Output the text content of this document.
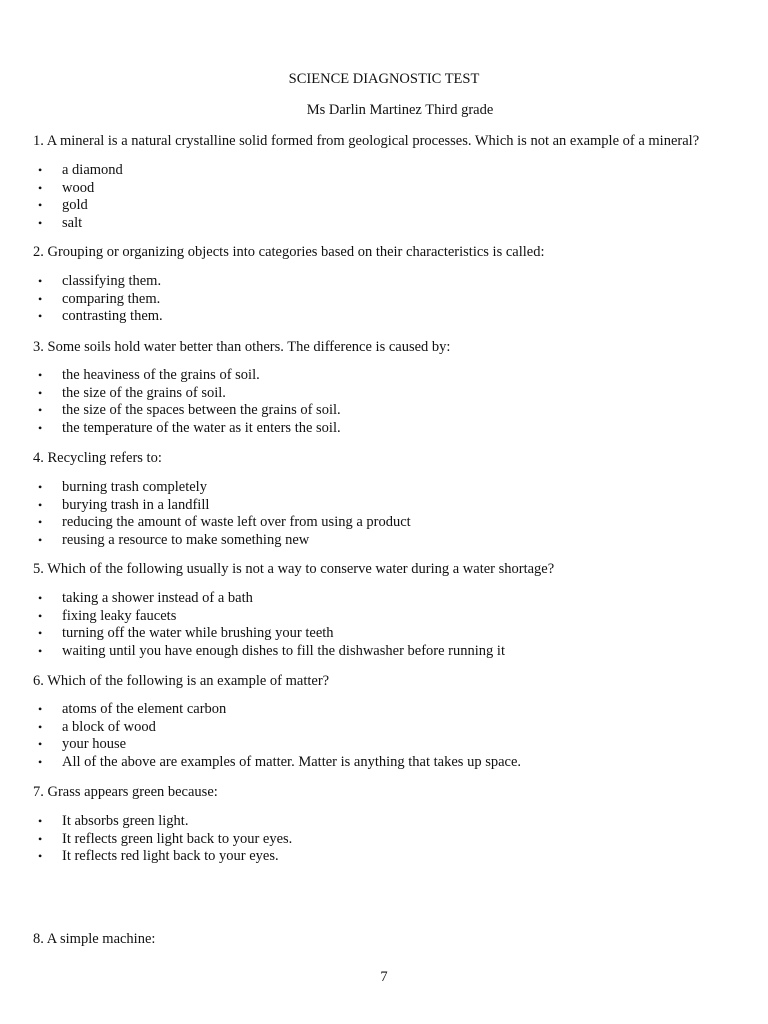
SCIENCE DIAGNOSTIC TEST
Ms Darlin Martinez Third grade
1. A mineral is a natural crystalline solid formed from geological processes. Which is not an example of a mineral?
• a diamond
• wood
• gold
• salt
2. Grouping or organizing objects into categories based on their characteristics is called:
• classifying them.
• comparing them.
• contrasting them.
3. Some soils hold water better than others. The difference is caused by:
• the heaviness of the grains of soil.
• the size of the grains of soil.
• the size of the spaces between the grains of soil.
• the temperature of the water as it enters the soil.
4. Recycling refers to:
• burning trash completely
• burying trash in a landfill
• reducing the amount of waste left over from using a product
• reusing a resource to make something new
5. Which of the following usually is not a way to conserve water during a water shortage?
• taking a shower instead of a bath
• fixing leaky faucets
• turning off the water while brushing your teeth
• waiting until you have enough dishes to fill the dishwasher before running it
6. Which of the following is an example of matter?
• atoms of the element carbon
• a block of wood
• your house
• All of the above are examples of matter. Matter is anything that takes up space.
7. Grass appears green because:
• It absorbs green light.
• It reflects green light back to your eyes.
• It reflects red light back to your eyes.
8. A simple machine:
7
